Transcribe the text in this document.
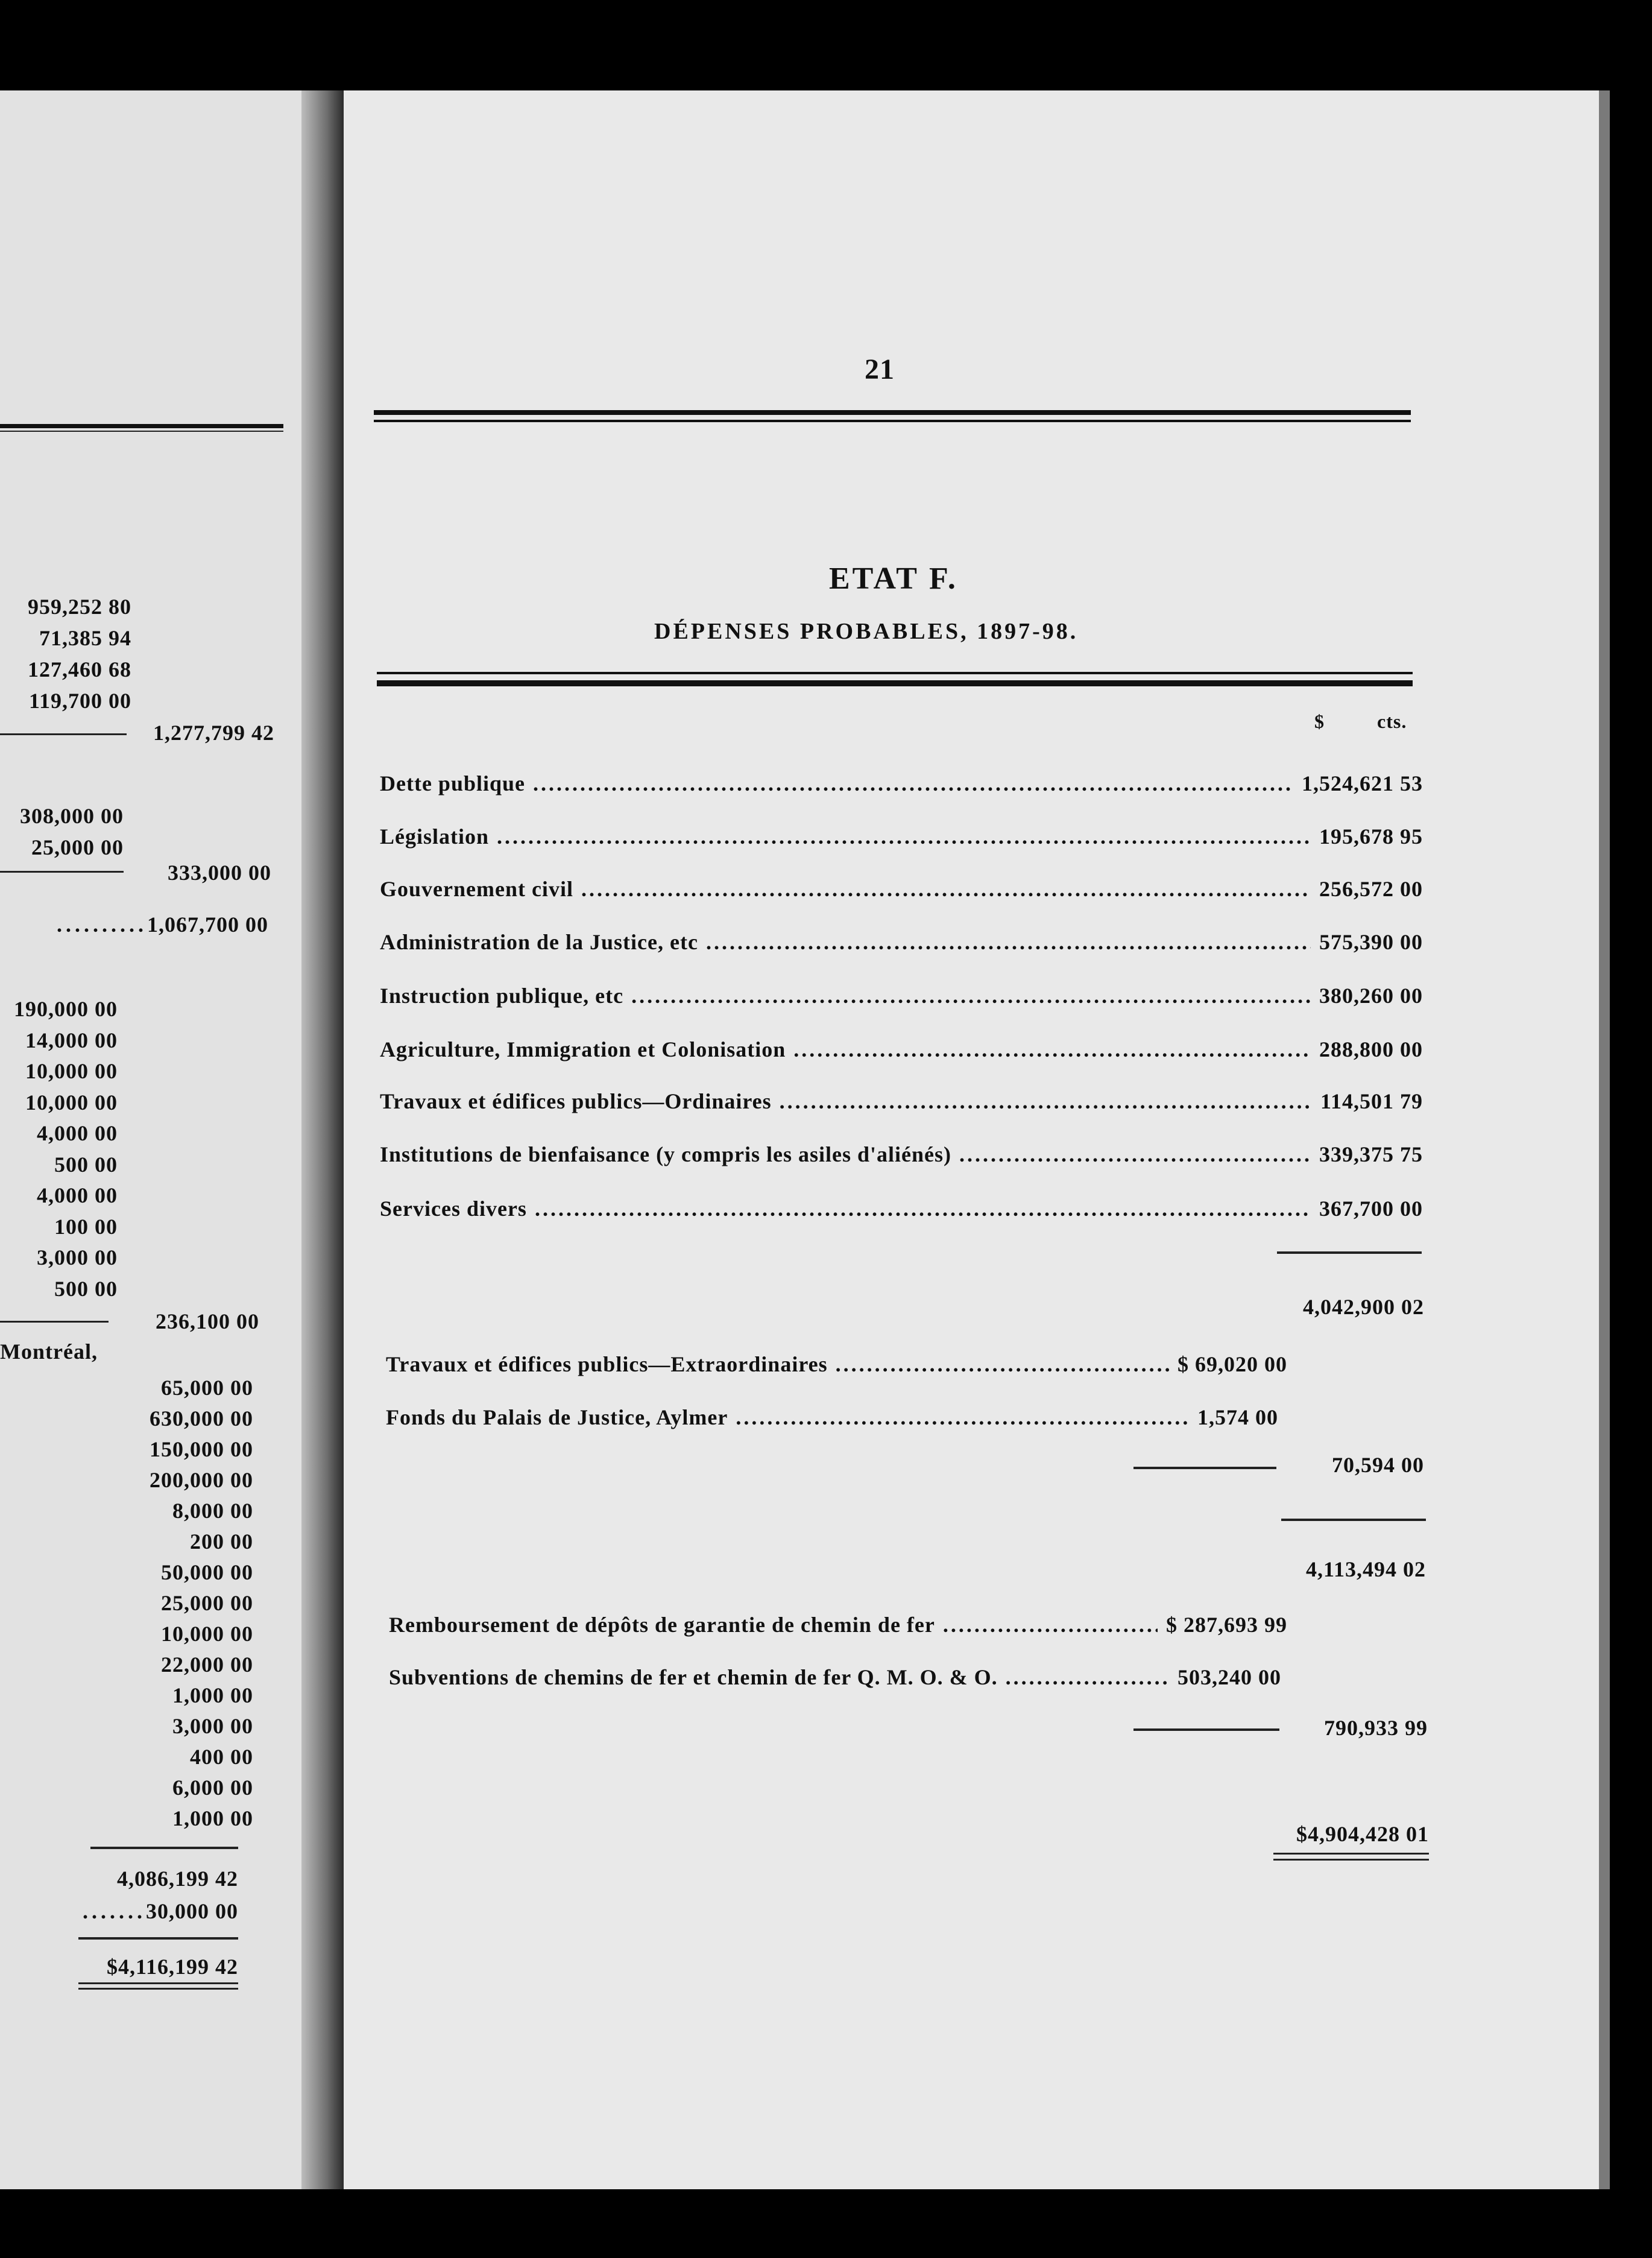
959,252 80
71,385 94
127,460 68
119,700 00
1,277,799 42
308,000 00
25,000 00
333,000 00
..........1,067,700 00
190,000 00
14,000 00
10,000 00
10,000 00
4,000 00
500 00
4,000 00
100 00
3,000 00
500 00
236,100 00
Montréal,
65,000 00
630,000 00
150,000 00
200,000 00
8,000 00
200 00
50,000 00
25,000 00
10,000 00
22,000 00
1,000 00
3,000 00
400 00
6,000 00
1,000 00
4,086,199 42
.......30,000 00
$4,116,199 42
21
ETAT F.
DÉPENSES PROBABLES, 1897-98.
$	cts.
Dette publique .....	1,524,621 53
Législation .....	195,678 95
Gouvernement civil .....	256,572 00
Administration de la Justice, etc .....	575,390 00
Instruction publique, etc .....	380,260 00
Agriculture, Immigration et Colonisation .....	288,800 00
Travaux et édifices publics—Ordinaires .....	114,501 79
Institutions de bienfaisance (y compris les asiles d'aliénés) .....	339,375 75
Services divers .....	367,700 00
4,042,900 02
Travaux et édifices publics—Extraordinaires .....	$ 69,020 00
Fonds du Palais de Justice, Aylmer .....	1,574 00
70,594 00
4,113,494 02
Remboursement de dépôts de garantie de chemin de fer .....	$ 287,693 99
Subventions de chemins de fer et chemin de fer Q. M. O. & O. .....	503,240 00
790,933 99
$4,904,428 01
